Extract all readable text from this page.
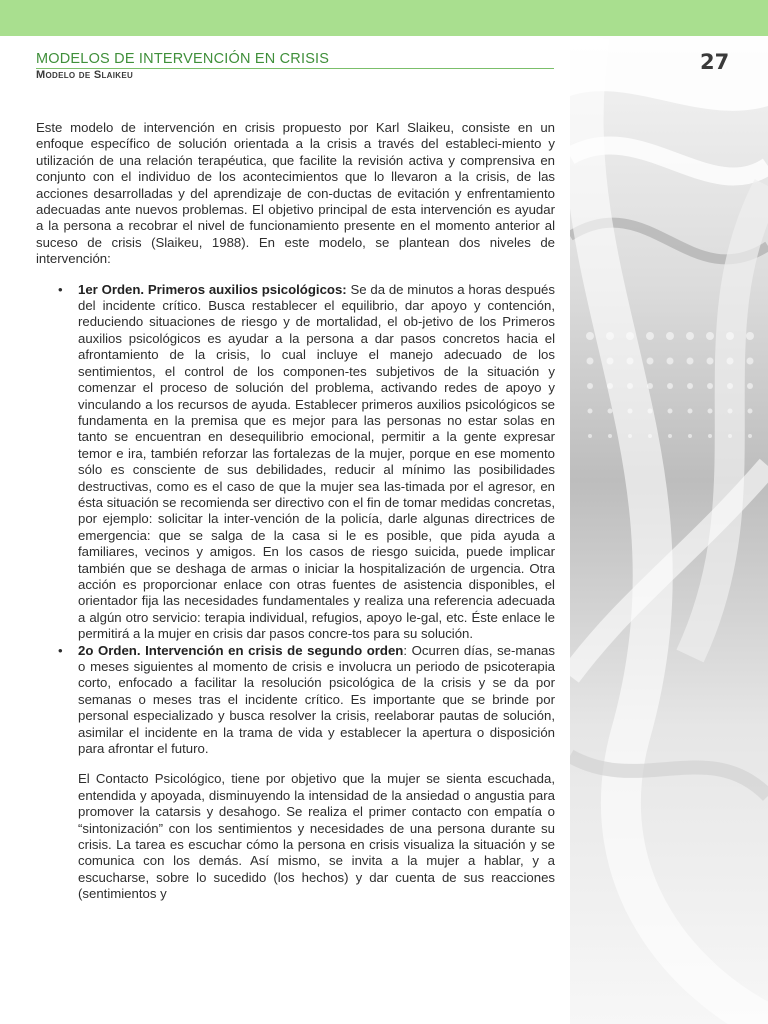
27
MODELOS DE INTERVENCIÓN EN CRISIS
Modelo de Slaikeu

Este modelo de intervención en crisis propuesto por Karl Slaikeu, consiste en un enfoque específico de solución orientada a la crisis a través del estableci-miento y utilización de una relación terapéutica, que facilite la revisión activa y comprensiva en conjunto con el individuo de los acontecimientos que lo llevaron a la crisis, de las acciones desarrolladas y del aprendizaje de con-ductas de evitación y enfrentamiento adecuadas ante nuevos problemas. El objetivo principal de esta intervención es ayudar a la persona a recobrar el nivel de funcionamiento presente en el momento anterior al suceso de crisis (Slaikeu, 1988). En este modelo, se plantean dos niveles de intervención:

• 1er Orden. Primeros auxilios psicológicos: Se da de minutos a horas después del incidente crítico. Busca restablecer el equilibrio, dar apoyo y contención, reduciendo situaciones de riesgo y de mortalidad, el ob-jetivo de los Primeros auxilios psicológicos es ayudar a la persona a dar pasos concretos hacia el afrontamiento de la crisis, lo cual incluye el manejo adecuado de los sentimientos, el control de los componen-tes subjetivos de la situación y comenzar el proceso de solución del problema, activando redes de apoyo y vinculando a los recursos de ayuda. Establecer primeros auxilios psicológicos se fundamenta en la premisa que es mejor para las personas no estar solas en tanto se encuentran en desequilibrio emocional, permitir a la gente expresar temor e ira, también reforzar las fortalezas de la mujer, porque en ese momento sólo es consciente de sus debilidades, reducir al mínimo las posibilidades destructivas, como es el caso de que la mujer sea las-timada por el agresor, en ésta situación se recomienda ser directivo con el fin de tomar medidas concretas, por ejemplo: solicitar la inter-vención de la policía, darle algunas directrices de emergencia: que se salga de la casa si le es posible, que pida ayuda a familiares, vecinos y amigos. En los casos de riesgo suicida, puede implicar también que se deshaga de armas o iniciar la hospitalización de urgencia. Otra acción es proporcionar enlace con otras fuentes de asistencia disponibles, el orientador fija las necesidades fundamentales y realiza una referencia adecuada a algún otro servicio: terapia individual, refugios, apoyo le-gal, etc. Éste enlace le permitirá a la mujer en crisis dar pasos concre-tos para su solución.
• 2o Orden. Intervención en crisis de segundo orden: Ocurren días, se-manas o meses siguientes al momento de crisis e involucra un periodo de psicoterapia corto, enfocado a facilitar la resolución psicológica de la crisis y se da por semanas o meses tras el incidente crítico. Es importante que se brinde por personal especializado y busca resolver la crisis, reelaborar pautas de solución, asimilar el incidente en la trama de vida y establecer la apertura o disposición para afrontar el futuro.

El Contacto Psicológico, tiene por objetivo que la mujer se sienta escuchada, entendida y apoyada, disminuyendo la intensidad de la ansiedad o angustia para promover la catarsis y desahogo. Se realiza el primer contacto con empatía o “sintonización” con los sentimientos y necesidades de una persona durante su crisis. La tarea es escuchar cómo la persona en crisis visualiza la situación y se comunica con los demás. Así mismo, se invita a la mujer a hablar, y a escucharse, sobre lo sucedido (los hechos) y dar cuenta de sus reacciones (sentimientos y
